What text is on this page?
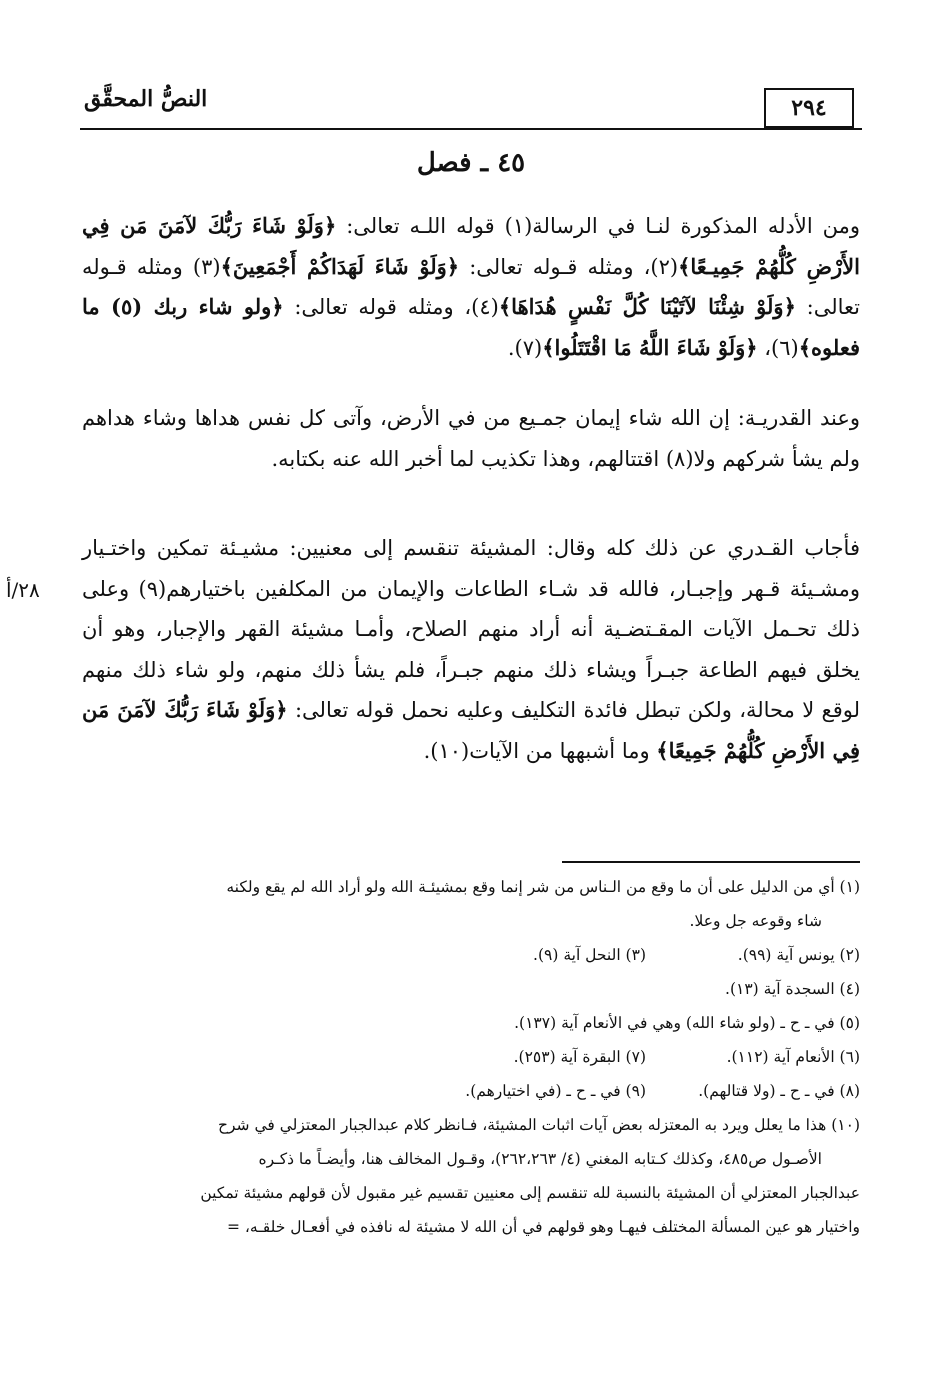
النصُّ المحقَّق	٢٩٤
٤٥ ـ فصل
ومن الأدله المذكورة لنـا في الرسالة(١) قوله اللـه تعالى: ﴿وَلَوْ شَاءَ رَبُّكَ لآمَنَ مَن فِي الأَرْضِ كُلُّهُمْ جَمِيـعًا﴾(٢)، ومثله قـوله تعالى: ﴿وَلَوْ شَاءَ لَهَدَاكُمْ أَجْمَعِينَ﴾(٣) ومثله قـوله تعالى: ﴿وَلَوْ شِئْنَا لآتَيْنَا كُلَّ نَفْسٍ هُدَاهَا﴾(٤)، ومثله قوله تعالى: ﴿ولو شاء ربك (٥) ما فعلوه﴾(٦)، ﴿وَلَوْ شَاءَ اللَّهُ مَا اقْتَتَلُوا﴾(٧).
وعند القدريـة: إن الله شاء إيمان جمـيع من في الأرض، وآتى كل نفس هداها وشاء هداهم ولم يشأ شركهم ولا(٨) اقتتالهم، وهذا تكذيب لما أخبر الله عنه بكتابه.
٢٨/أ
فأجاب القـدري عن ذلك كله وقال: المشيئة تنقسم إلى معنيين: مشيـئة تمكين واختـيار ومشـيئة قـهر وإجبـار، فالله قد شـاء الطاعات والإيمان من المكلفين باختيارهم(٩) وعلى ذلك تحـمل الآيات المقـتضـية أنه أراد منهم الصلاح، وأمـا مشيئة القهر والإجبار، وهو أن يخلق فيهم الطاعة جبـراً ويشاء ذلك منهم جبـراً، فلم يشأ ذلك منهم، ولو شاء ذلك منهم لوقع لا محالة، ولكن تبطل فائدة التكليف وعليه نحمل قوله تعالى: ﴿وَلَوْ شَاءَ رَبُّكَ لآمَنَ مَن فِي الأَرْضِ كُلُّهُمْ جَمِيعًا﴾ وما أشبهها من الآيات(١٠).

(١) أي من الدليل على أن ما وقع من الـناس من شر إنما وقع بمشيئـة الله ولو أراد الله لم يقع ولكنه

شاء وقوعه جل وعلا.

(٢) يونس آية (٩٩).
(٣) النحل آية (٩).

(٤) السجدة آية (١٣).

(٥) في ـ ح ـ (ولو شاء الله) وهي في الأنعام آية (١٣٧).

(٦) الأنعام آية (١١٢).
(٧) البقرة آية (٢٥٣).
(٨) في ـ ح ـ (ولا قتالهم).
(٩) في ـ ح ـ (في اختيارهم).

(١٠) هذا ما يعلل ويرد به المعتزله بعض آيات اثبات المشيئة، فـانظر كلام عبدالجبار المعتزلي في شرح

الأصـول ص٤٨٥، وكذلك كـتابه المغني (٤/ ٢٦٢،٢٦٣)، وقـول المخالف هنا، وأيضـاً ما ذكـره

عبدالجبار المعتزلي أن المشيئة بالنسبة لله تنقسم إلى معنيين تقسيم غير مقبول لأن قولهم مشيئة تمكين

واختيار هو عين المسألة المختلف فيهـا وهو قولهم في أن الله لا مشيئة له نافذه في أفعـال خلقـه، =
